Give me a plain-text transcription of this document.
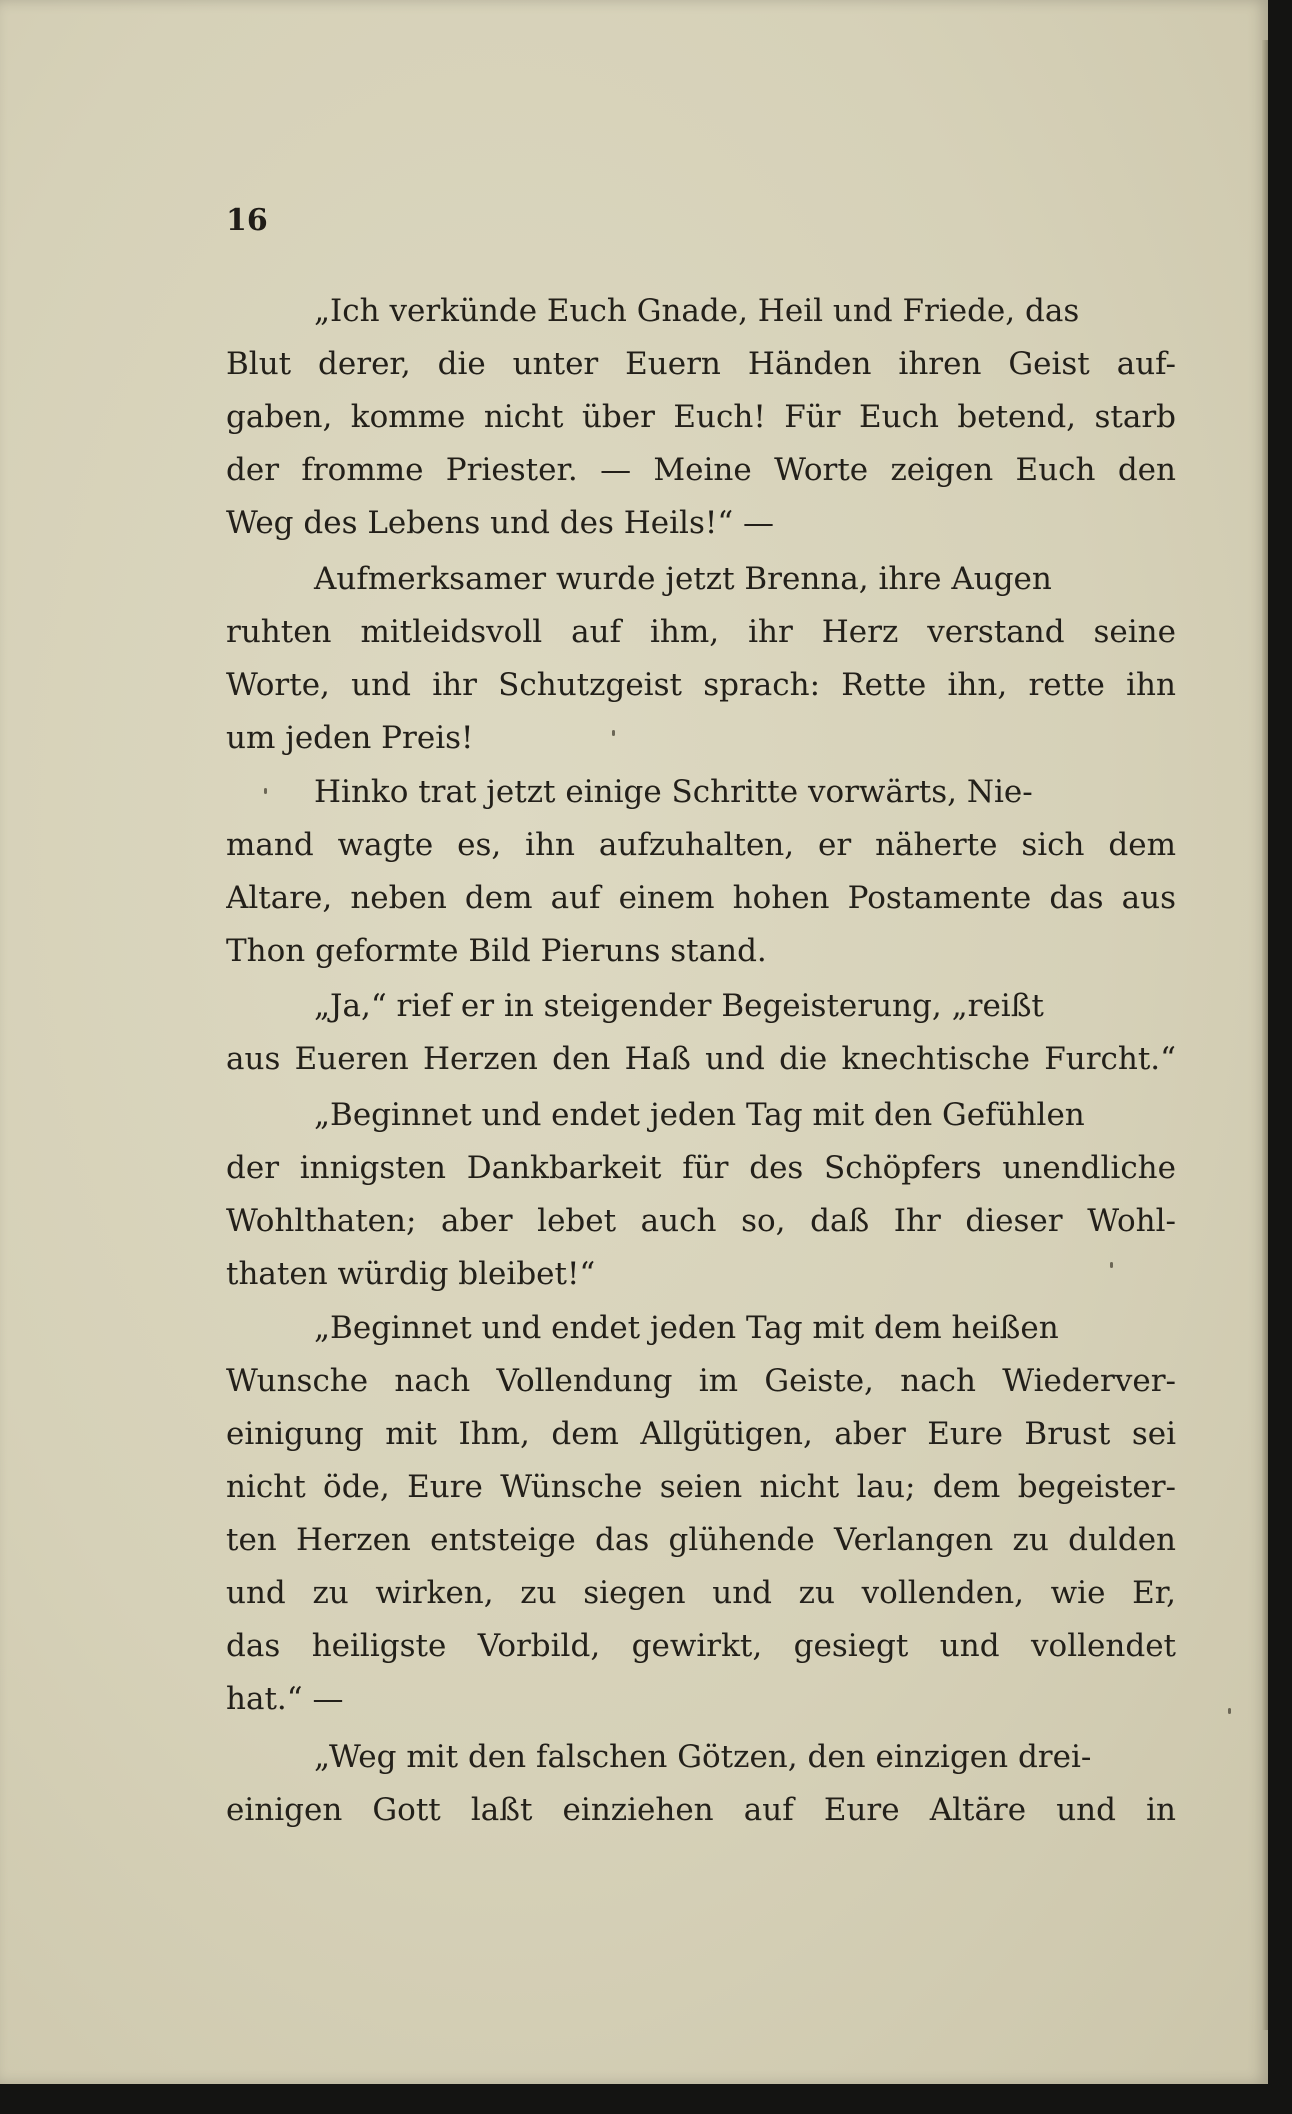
16
„Ich verkünde Euch Gnade, Heil und Friede, das
Blut derer, die unter Euern Händen ihren Geist auf-
gaben, komme nicht über Euch! Für Euch betend, starb
der fromme Priester. — Meine Worte zeigen Euch den
Weg des Lebens und des Heils!“ —
Aufmerksamer wurde jetzt Brenna, ihre Augen
ruhten mitleidsvoll auf ihm, ihr Herz verstand seine
Worte, und ihr Schutzgeist sprach: Rette ihn, rette ihn
um jeden Preis!
Hinko trat jetzt einige Schritte vorwärts, Nie-
mand wagte es, ihn aufzuhalten, er näherte sich dem
Altare, neben dem auf einem hohen Postamente das aus
Thon geformte Bild Pieruns stand.
„Ja,“ rief er in steigender Begeisterung, „reißt
aus Eueren Herzen den Haß und die knechtische Furcht.“
„Beginnet und endet jeden Tag mit den Gefühlen
der innigsten Dankbarkeit für des Schöpfers unendliche
Wohlthaten; aber lebet auch so, daß Ihr dieser Wohl-
thaten würdig bleibet!“
„Beginnet und endet jeden Tag mit dem heißen
Wunsche nach Vollendung im Geiste, nach Wiederver-
einigung mit Ihm, dem Allgütigen, aber Eure Brust sei
nicht öde, Eure Wünsche seien nicht lau; dem begeister-
ten Herzen entsteige das glühende Verlangen zu dulden
und zu wirken, zu siegen und zu vollenden, wie Er,
das heiligste Vorbild, gewirkt, gesiegt und vollendet
hat.“ —
„Weg mit den falschen Götzen, den einzigen drei-
einigen Gott laßt einziehen auf Eure Altäre und in
